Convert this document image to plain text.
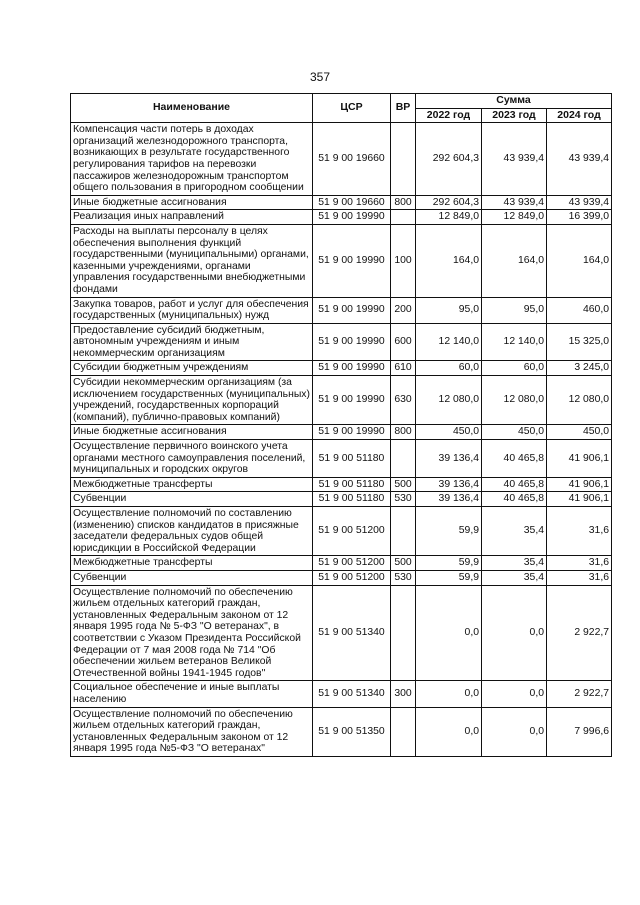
357
Наименование	ЦСР	ВР	Сумма		
			2022 год	2023 год	2024 год
Компенсация части потерь в доходах организаций железнодорожного транспорта, возникающих в результате государственного регулирования тарифов на перевозки пассажиров железнодорожным транспортом общего пользования в пригородном сообщении	51 9 00 19660		292 604,3	43 939,4	43 939,4
Иные бюджетные ассигнования	51 9 00 19660	800	292 604,3	43 939,4	43 939,4
Реализация иных направлений	51 9 00 19990		12 849,0	12 849,0	16 399,0
Расходы на выплаты персоналу в целях обеспечения выполнения функций государственными (муниципальными) органами, казенными учреждениями, органами управления государственными внебюджетными фондами	51 9 00 19990	100	164,0	164,0	164,0
Закупка товаров, работ и услуг для обеспечения государственных (муниципальных) нужд	51 9 00 19990	200	95,0	95,0	460,0
Предоставление субсидий бюджетным, автономным учреждениям и иным некоммерческим организациям	51 9 00 19990	600	12 140,0	12 140,0	15 325,0
Субсидии бюджетным учреждениям	51 9 00 19990	610	60,0	60,0	3 245,0
Субсидии некоммерческим организациям (за исключением государственных (муниципальных) учреждений, государственных корпораций (компаний), публично-правовых компаний)	51 9 00 19990	630	12 080,0	12 080,0	12 080,0
Иные бюджетные ассигнования	51 9 00 19990	800	450,0	450,0	450,0
Осуществление первичного воинского учета органами местного самоуправления поселений, муниципальных и городских округов	51 9 00 51180		39 136,4	40 465,8	41 906,1
Межбюджетные трансферты	51 9 00 51180	500	39 136,4	40 465,8	41 906,1
Субвенции	51 9 00 51180	530	39 136,4	40 465,8	41 906,1
Осуществление полномочий по составлению (изменению) списков кандидатов в присяжные заседатели федеральных судов общей юрисдикции в Российской Федерации	51 9 00 51200		59,9	35,4	31,6
Межбюджетные трансферты	51 9 00 51200	500	59,9	35,4	31,6
Субвенции	51 9 00 51200	530	59,9	35,4	31,6
Осуществление полномочий по обеспечению жильем отдельных категорий граждан, установленных Федеральным законом от 12 января 1995 года № 5-ФЗ "О ветеранах", в соответствии с Указом Президента Российской Федерации от 7 мая 2008 года № 714 "Об обеспечении жильем ветеранов Великой Отечественной войны 1941-1945 годов"	51 9 00 51340		0,0	0,0	2 922,7
Социальное обеспечение и иные выплаты населению	51 9 00 51340	300	0,0	0,0	2 922,7
Осуществление полномочий по обеспечению жильем отдельных категорий граждан, установленных Федеральным законом от 12 января 1995 года №5-ФЗ "О ветеранах"	51 9 00 51350		0,0	0,0	7 996,6
